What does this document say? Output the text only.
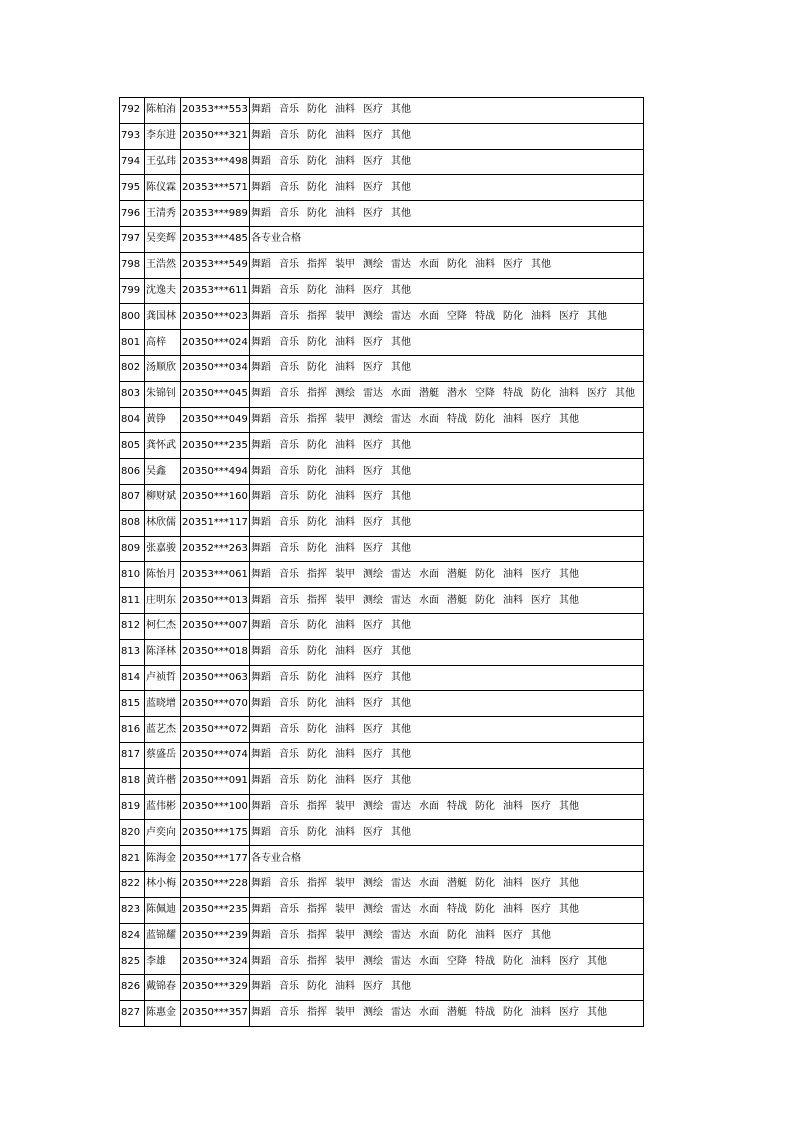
792	陈柏洧	20353***553	舞蹈 音乐 防化 油料 医疗 其他
793	李东进	20350***321	舞蹈 音乐 防化 油料 医疗 其他
794	王弘玮	20353***498	舞蹈 音乐 防化 油料 医疗 其他
795	陈仪霖	20353***571	舞蹈 音乐 防化 油料 医疗 其他
796	王清秀	20353***989	舞蹈 音乐 防化 油料 医疗 其他
797	吴奕辉	20353***485	各专业合格
798	王浩然	20353***549	舞蹈 音乐 指挥 装甲 测绘 雷达 水面 防化 油料 医疗 其他
799	沈逸夫	20353***611	舞蹈 音乐 防化 油料 医疗 其他
800	龚国林	20350***023	舞蹈 音乐 指挥 装甲 测绘 雷达 水面 空降 特战 防化 油料 医疗 其他
801	高梓	20350***024	舞蹈 音乐 防化 油料 医疗 其他
802	汤顺欣	20350***034	舞蹈 音乐 防化 油料 医疗 其他
803	朱锦钊	20350***045	舞蹈 音乐 指挥 测绘 雷达 水面 潜艇 潜水 空降 特战 防化 油料 医疗 其他
804	黄铮	20350***049	舞蹈 音乐 指挥 装甲 测绘 雷达 水面 特战 防化 油料 医疗 其他
805	龚怀武	20350***235	舞蹈 音乐 防化 油料 医疗 其他
806	吴鑫	20350***494	舞蹈 音乐 防化 油料 医疗 其他
807	柳财斌	20350***160	舞蹈 音乐 防化 油料 医疗 其他
808	林欣儒	20351***117	舞蹈 音乐 防化 油料 医疗 其他
809	张嘉骏	20352***263	舞蹈 音乐 防化 油料 医疗 其他
810	陈怡月	20353***061	舞蹈 音乐 指挥 装甲 测绘 雷达 水面 潜艇 防化 油料 医疗 其他
811	庄明东	20350***013	舞蹈 音乐 指挥 装甲 测绘 雷达 水面 潜艇 防化 油料 医疗 其他
812	柯仁杰	20350***007	舞蹈 音乐 防化 油料 医疗 其他
813	陈泽林	20350***018	舞蹈 音乐 防化 油料 医疗 其他
814	卢祯哲	20350***063	舞蹈 音乐 防化 油料 医疗 其他
815	蓝晓增	20350***070	舞蹈 音乐 防化 油料 医疗 其他
816	蓝艺杰	20350***072	舞蹈 音乐 防化 油料 医疗 其他
817	蔡盛岳	20350***074	舞蹈 音乐 防化 油料 医疗 其他
818	黄许楷	20350***091	舞蹈 音乐 防化 油料 医疗 其他
819	蓝伟彬	20350***100	舞蹈 音乐 指挥 装甲 测绘 雷达 水面 特战 防化 油料 医疗 其他
820	卢奕向	20350***175	舞蹈 音乐 防化 油料 医疗 其他
821	陈海金	20350***177	各专业合格
822	林小梅	20350***228	舞蹈 音乐 指挥 装甲 测绘 雷达 水面 潜艇 防化 油料 医疗 其他
823	陈佩迪	20350***235	舞蹈 音乐 指挥 装甲 测绘 雷达 水面 特战 防化 油料 医疗 其他
824	蓝锦耀	20350***239	舞蹈 音乐 指挥 装甲 测绘 雷达 水面 防化 油料 医疗 其他
825	李雄	20350***324	舞蹈 音乐 指挥 装甲 测绘 雷达 水面 空降 特战 防化 油料 医疗 其他
826	戴锦春	20350***329	舞蹈 音乐 防化 油料 医疗 其他
827	陈惠金	20350***357	舞蹈 音乐 指挥 装甲 测绘 雷达 水面 潜艇 特战 防化 油料 医疗 其他
